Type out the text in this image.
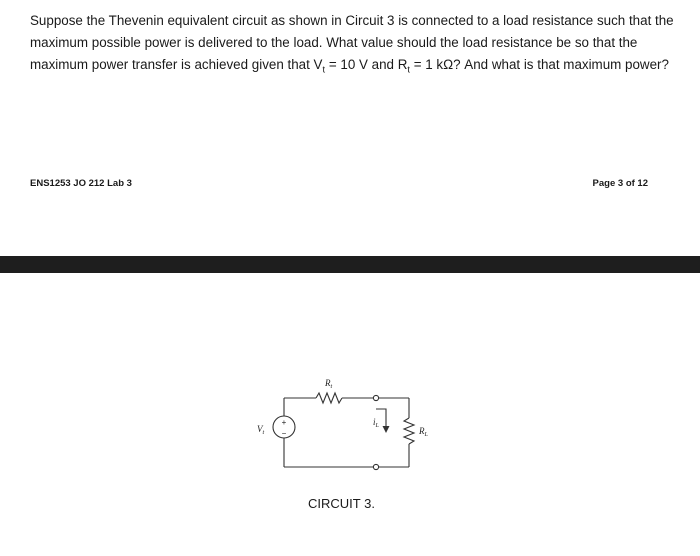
Suppose the Thevenin equivalent circuit as shown in Circuit 3 is connected to a load resistance such that the maximum possible power is delivered to the load. What value should the load resistance be so that the maximum power transfer is achieved given that $V_t = 10$ V and $R_t = 1$ kΩ? And what is that maximum power?

ENS1253 JO 212 Lab 3	Page 3 of 12

$R_t$
$V_t$
$i_L$	$R_L$
+
−

CIRCUIT 3.
